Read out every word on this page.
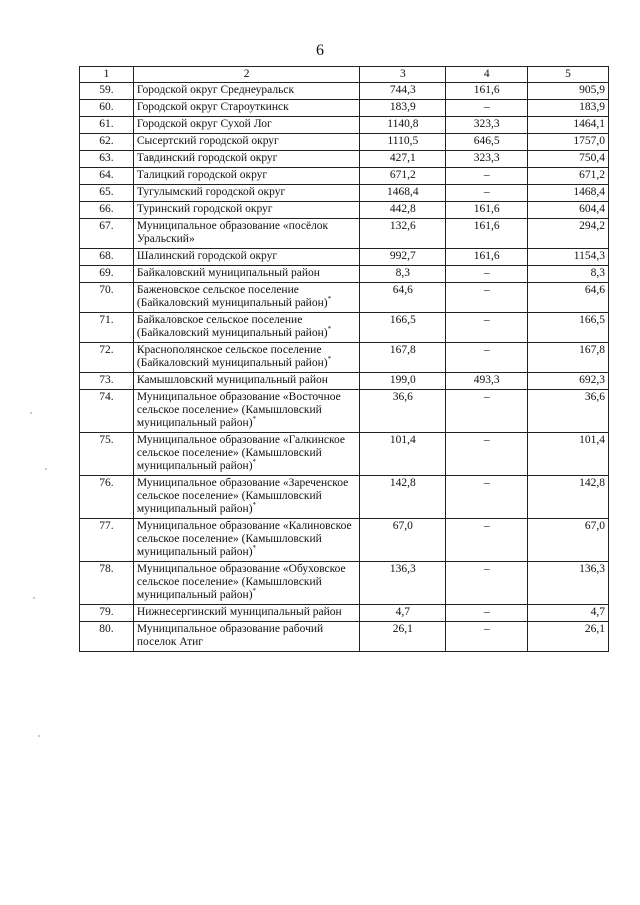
6
1	2	3	4	5
59.	Городской округ Среднеуральск	744,3	161,6	905,9
60.	Городской округ Староуткинск	183,9	–	183,9
61.	Городской округ Сухой Лог	1140,8	323,3	1464,1
62.	Сысертский городской округ	1110,5	646,5	1757,0
63.	Тавдинский городской округ	427,1	323,3	750,4
64.	Талицкий городской округ	671,2	–	671,2
65.	Тугулымский городской округ	1468,4	–	1468,4
66.	Туринский городской округ	442,8	161,6	604,4
67.	Муниципальное образование «посёлок Уральский»	132,6	161,6	294,2
68.	Шалинский городской округ	992,7	161,6	1154,3
69.	Байкаловский муниципальный район	8,3	–	8,3
70.	Баженовское сельское поселение (Байкаловский муниципальный район)*	64,6	–	64,6
71.	Байкаловское сельское поселение (Байкаловский муниципальный район)*	166,5	–	166,5
72.	Краснополянское сельское поселение (Байкаловский муниципальный район)*	167,8	–	167,8
73.	Камышловский муниципальный район	199,0	493,3	692,3
74.	Муниципальное образование «Восточное сельское поселение» (Камышловский муниципальный район)*	36,6	–	36,6
75.	Муниципальное образование «Галкинское сельское поселение» (Камышловский муниципальный район)*	101,4	–	101,4
76.	Муниципальное образование «Зареченское сельское поселение» (Камышловский муниципальный район)*	142,8	–	142,8
77.	Муниципальное образование «Калиновское сельское поселение» (Камышловский муниципальный район)*	67,0	–	67,0
78.	Муниципальное образование «Обуховское сельское поселение» (Камышловский муниципальный район)*	136,3	–	136,3
79.	Нижнесергинский муниципальный район	4,7	–	4,7
80.	Муниципальное образование рабочий поселок Атиг	26,1	–	26,1
